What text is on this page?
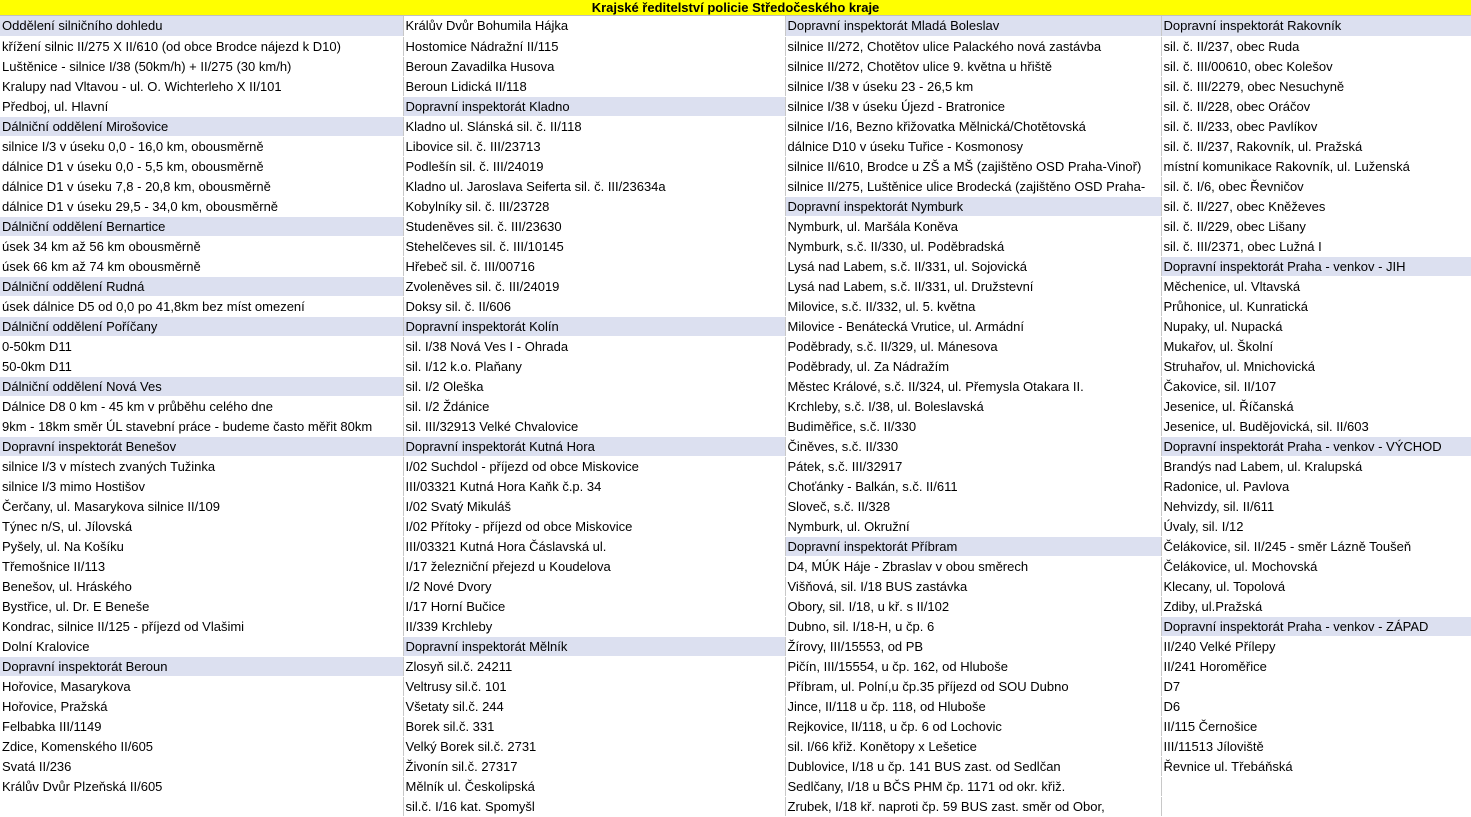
Krajské ředitelství policie Středočeského kraje
Oddělení silničního dohledu	Králův Dvůr Bohumila Hájka	Dopravní inspektorát Mladá Boleslav	Dopravní inspektorát Rakovník
křížení silnic II/275 X II/610 (od obce Brodce nájezd k D10)	Hostomice Nádražní II/115	silnice II/272, Chotětov ulice Palackého nová zastávba	sil. č. II/237, obec Ruda
Luštěnice - silnice I/38 (50km/h) + II/275 (30 km/h)	Beroun Zavadilka Husova	silnice II/272, Chotětov ulice 9. května u hřiště	sil. č. III/00610, obec Kolešov
Kralupy nad Vltavou - ul. O. Wichterleho X II/101	Beroun Lidická II/118	silnice I/38 v úseku 23 - 26,5 km	sil. č. III/2279, obec Nesuchyně
Předboj, ul. Hlavní	Dopravní inspektorát Kladno	silnice I/38 v úseku Újezd - Bratronice	sil. č. II/228, obec Oráčov
Dálniční oddělení Mirošovice	Kladno ul. Slánská sil. č. II/118	silnice I/16, Bezno křižovatka Mělnická/Chotětovská	sil. č. II/233, obec Pavlíkov
silnice I/3 v úseku 0,0 - 16,0 km, obousměrně	Libovice sil. č. III/23713	dálnice D10 v úseku Tuřice - Kosmonosy	sil. č. II/237, Rakovník, ul. Pražská
dálnice D1 v úseku 0,0 - 5,5 km, obousměrně	Podlešín sil. č. III/24019	silnice II/610, Brodce u ZŠ a MŠ (zajištěno OSD Praha-Vinoř)	místní komunikace Rakovník, ul. Luženská
dálnice D1 v úseku 7,8 - 20,8 km, obousměrně	Kladno ul. Jaroslava Seiferta sil. č. III/23634a	silnice II/275, Luštěnice ulice Brodecká (zajištěno OSD Praha-	sil. č. I/6, obec Řevničov
dálnice D1 v úseku 29,5 - 34,0 km, obousměrně	Kobylníky sil. č. III/23728	Dopravní inspektorát Nymburk	sil. č. II/227, obec Kněževes
Dálniční oddělení Bernartice	Studeněves sil. č. III/23630	Nymburk, ul. Maršála Koněva	sil. č. II/229, obec Lišany
úsek 34 km až 56 km obousměrně	Stehelčeves sil. č. III/10145	Nymburk, s.č. II/330, ul. Poděbradská	sil. č. III/2371, obec Lužná I
úsek 66 km až 74 km obousměrně	Hřebeč sil. č. III/00716	Lysá nad Labem, s.č. II/331, ul. Sojovická	Dopravní inspektorát Praha - venkov - JIH
Dálniční oddělení Rudná	Zvoleněves sil. č. III/24019	Lysá nad Labem, s.č. II/331, ul. Družstevní	Měchenice, ul. Vltavská
úsek dálnice D5 od 0,0 po 41,8km bez míst omezení	Doksy sil. č. II/606	Milovice, s.č. II/332, ul. 5. května	Průhonice, ul. Kunratická
Dálniční oddělení Poříčany	Dopravní inspektorát Kolín	Milovice - Benátecká Vrutice, ul. Armádní	Nupaky, ul. Nupacká
0-50km D11	sil. I/38 Nová Ves I - Ohrada	Poděbrady, s.č. II/329, ul. Mánesova	Mukařov, ul. Školní
50-0km D11	sil. I/12 k.o. Plaňany	Poděbrady, ul. Za Nádražím	Struhařov, ul. Mnichovická
Dálniční oddělení Nová Ves	sil. I/2 Oleška	Městec Králové, s.č. II/324, ul. Přemysla Otakara II.	Čakovice, sil. II/107
Dálnice D8 0 km - 45 km v průběhu celého dne	sil. I/2 Ždánice	Krchleby, s.č. I/38, ul. Boleslavská	Jesenice, ul. Říčanská
9km - 18km směr ÚL stavební práce - budeme často měřit 80km	sil. III/32913 Velké Chvalovice	Budiměřice, s.č. II/330	Jesenice, ul. Budějovická, sil. II/603
Dopravní inspektorát Benešov	Dopravní inspektorát Kutná Hora	Činěves, s.č. II/330	Dopravní inspektorát Praha - venkov - VÝCHOD
silnice I/3 v místech zvaných Tužinka	I/02 Suchdol - příjezd od obce Miskovice	Pátek, s.č. III/32917	Brandýs nad Labem, ul. Kralupská
silnice I/3 mimo Hostišov	III/03321 Kutná Hora Kaňk č.p. 34	Choťánky - Balkán, s.č. II/611	Radonice, ul. Pavlova
Čerčany, ul. Masarykova silnice II/109	I/02 Svatý Mikuláš	Sloveč, s.č. II/328	Nehvizdy, sil. II/611
Týnec n/S, ul. Jílovská	I/02 Přítoky - příjezd od obce Miskovice	Nymburk, ul. Okružní	Úvaly, sil. I/12
Pyšely, ul. Na Košíku	III/03321 Kutná Hora Čáslavská ul.	Dopravní inspektorát Příbram	Čelákovice, sil. II/245 - směr Lázně Toušeň
Třemošnice II/113	I/17 železniční přejezd u Koudelova	D4, MÚK Háje - Zbraslav v obou směrech	Čelákovice, ul. Mochovská
Benešov, ul. Hráského	I/2 Nové Dvory	Višňová, sil. I/18 BUS zastávka	Klecany, ul. Topolová
Bystřice, ul. Dr. E Beneše	I/17 Horní Bučice	Obory, sil. I/18, u kř. s II/102	Zdiby, ul.Pražská
Kondrac, silnice II/125 - příjezd od Vlašimi	II/339 Krchleby	Dubno, sil. I/18-H, u čp. 6	Dopravní inspektorát Praha - venkov - ZÁPAD
Dolní Kralovice	Dopravní inspektorát Mělník	Žírovy, III/15553, od PB	II/240 Velké Přílepy
Dopravní inspektorát Beroun	Zlosyň sil.č. 24211	Pičín, III/15554, u čp. 162, od Hluboše	II/241 Horoměřice
Hořovice, Masarykova	Veltrusy sil.č. 101	Příbram, ul. Polní,u čp.35 příjezd od SOU Dubno	D7
Hořovice, Pražská	Všetaty sil.č. 244	Jince, II/118 u čp. 118, od Hluboše	D6
Felbabka III/1149	Borek sil.č. 331	Rejkovice, II/118, u čp. 6 od Lochovic	II/115 Černošice
Zdice, Komenského II/605	Velký Borek sil.č. 2731	sil. I/66 křiž. Konětopy x Lešetice	III/11513 Jíloviště
Svatá II/236	Živonín sil.č. 27317	Dublovice, I/18 u čp. 141 BUS zast. od Sedlčan	Řevnice ul. Třebáňská
Králův Dvůr Plzeňská II/605	Mělník ul. Českolipská	Sedlčany, I/18 u BČS PHM čp. 1171 od okr. křiž.	
	sil.č. I/16 kat. Spomyšl	Zrubek, I/18 kř. naproti čp. 59 BUS zast. směr od Obor,	
